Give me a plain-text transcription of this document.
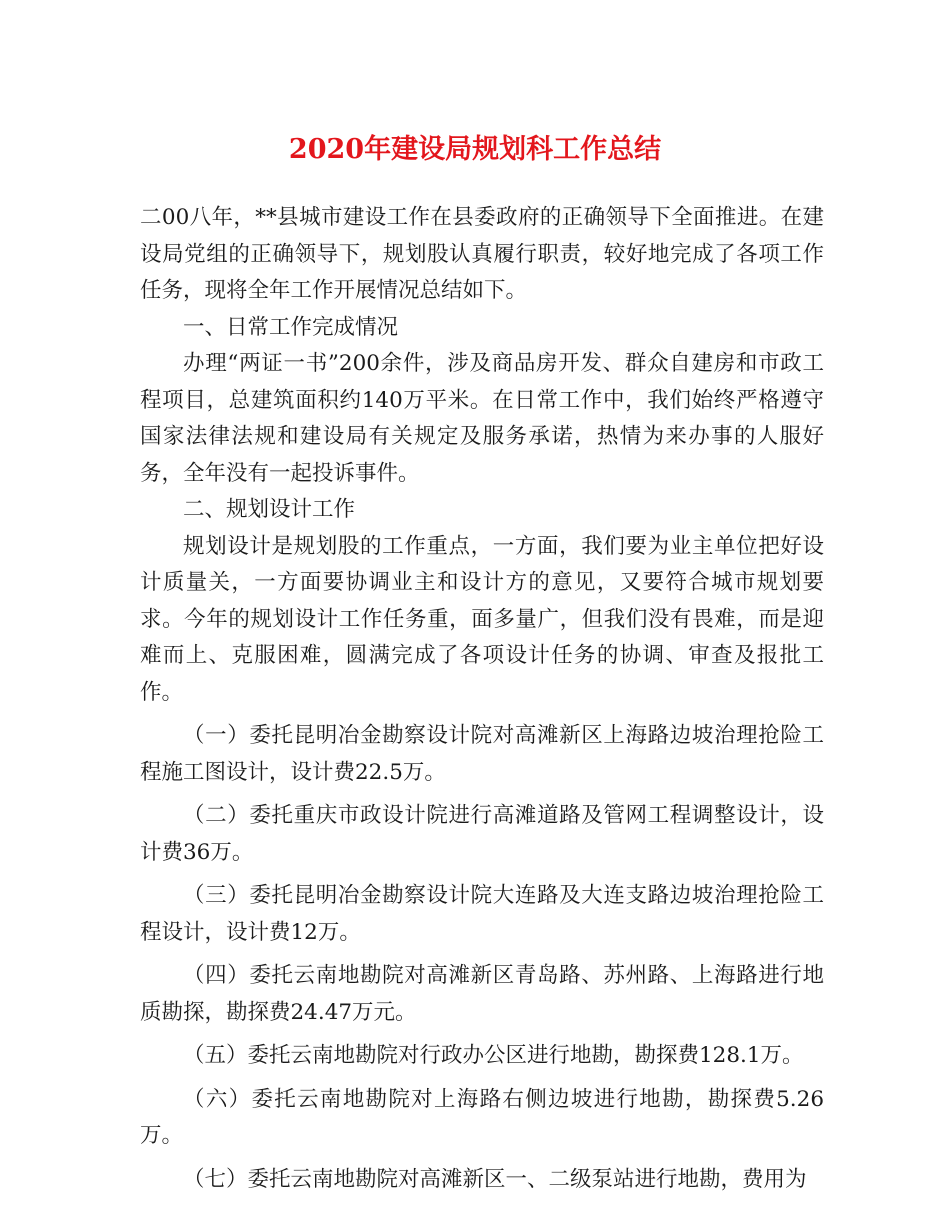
2020年建设局规划科工作总结

二00八年，**县城市建设工作在县委政府的正确领导下全面推进。在建设局党组的正确领导下，规划股认真履行职责，较好地完成了各项工作任务，现将全年工作开展情况总结如下。

一、日常工作完成情况

办理“两证一书”200余件，涉及商品房开发、群众自建房和市政工程项目，总建筑面积约140万平米。在日常工作中，我们始终严格遵守国家法律法规和建设局有关规定及服务承诺，热情为来办事的人服好务，全年没有一起投诉事件。

二、规划设计工作

规划设计是规划股的工作重点，一方面，我们要为业主单位把好设计质量关，一方面要协调业主和设计方的意见，又要符合城市规划要求。今年的规划设计工作任务重，面多量广，但我们没有畏难，而是迎难而上、克服困难，圆满完成了各项设计任务的协调、审查及报批工作。

（一）委托昆明冶金勘察设计院对高滩新区上海路边坡治理抢险工程施工图设计，设计费22.5万。

（二）委托重庆市政设计院进行高滩道路及管网工程调整设计，设计费36万。

（三）委托昆明冶金勘察设计院大连路及大连支路边坡治理抢险工程设计，设计费12万。

（四）委托云南地勘院对高滩新区青岛路、苏州路、上海路进行地质勘探，勘探费24.47万元。

（五）委托云南地勘院对行政办公区进行地勘，勘探费128.1万。

（六）委托云南地勘院对上海路右侧边坡进行地勘，勘探费5.26万。

（七）委托云南地勘院对高滩新区一、二级泵站进行地勘，费用为
